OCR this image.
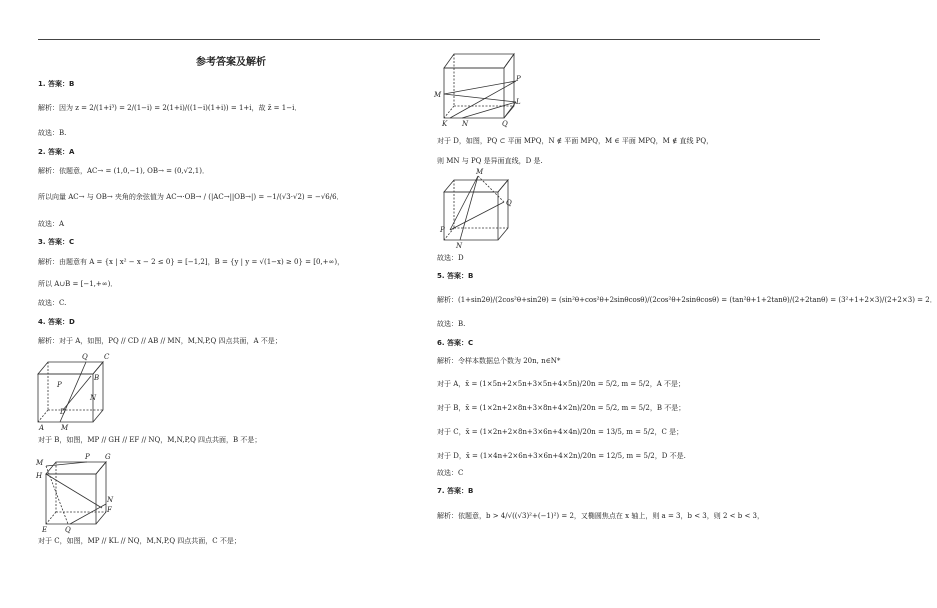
参考答案及解析
1. 答案：B
解析：因为 z = 2/(1+i³) = 2/(1−i) = 2(1+i)/((1−i)(1+i)) = 1+i，故 z̄ = 1−i．
故选：B.
2. 答案：A
解析：依题意，AC→ = (1,0,−1), OB→ = (0,√2,1)．
所以向量 AC→ 与 OB→ 夹角的余弦值为 AC→·OB→ / (|AC→||OB→|) = −1/(√3·√2) = −√6/6．
故选：A
3. 答案：C
解析：由题意有 A = {x | x² − x − 2 ≤ 0} = [−1,2]，B = {y | y = √(1−x) ≥ 0} = [0,+∞)，
所以 A∪B = [−1,+∞)．
故选：C.
4. 答案：D
解析：对于 A，如图，PQ // CD // AB // MN，M,N,P,Q 四点共面，A 不是；
Q C
P
B
D
N
A M
对于 B，如图，MP // GH // EF // NQ，M,N,P,Q 四点共面，B 不是；
P G
M
H
N
F
E	Q
对于 C，如图，MP // KL // NQ，M,N,P,Q 四点共面，C 不是；
P
M
L
K N	Q
对于 D，如图，PQ ⊂ 平面 MPQ，N ∉ 平面 MPQ，M ∈ 平面 MPQ，M ∉ 直线 PQ，
则 MN 与 PQ 是异面直线，D 是.
M
Q
P
N
故选：D
5. 答案：B
解析：(1+sin2θ)/(2cos²θ+sin2θ) = (sin²θ+cos²θ+2sinθcosθ)/(2cos²θ+2sinθcosθ) = (tan²θ+1+2tanθ)/(2+2tanθ) = (3²+1+2×3)/(2+2×3) = 2．
故选：B.
6. 答案：C
解析：令样本数据总个数为 20n, n∈N*
对于 A，x̄ = (1×5n+2×5n+3×5n+4×5n)/20n = 5/2, m = 5/2，A 不是；
对于 B，x̄ = (1×2n+2×8n+3×8n+4×2n)/20n = 5/2, m = 5/2，B 不是；
对于 C，x̄ = (1×2n+2×8n+3×6n+4×4n)/20n = 13/5, m = 5/2，C 是；
对于 D，x̄ = (1×4n+2×6n+3×6n+4×2n)/20n = 12/5, m = 5/2，D 不是.
故选：C
7. 答案：B
解析：依题意，b > 4/√((√3)²+(−1)²) = 2，又椭圆焦点在 x 轴上，则 a = 3，b < 3，则 2 < b < 3，
